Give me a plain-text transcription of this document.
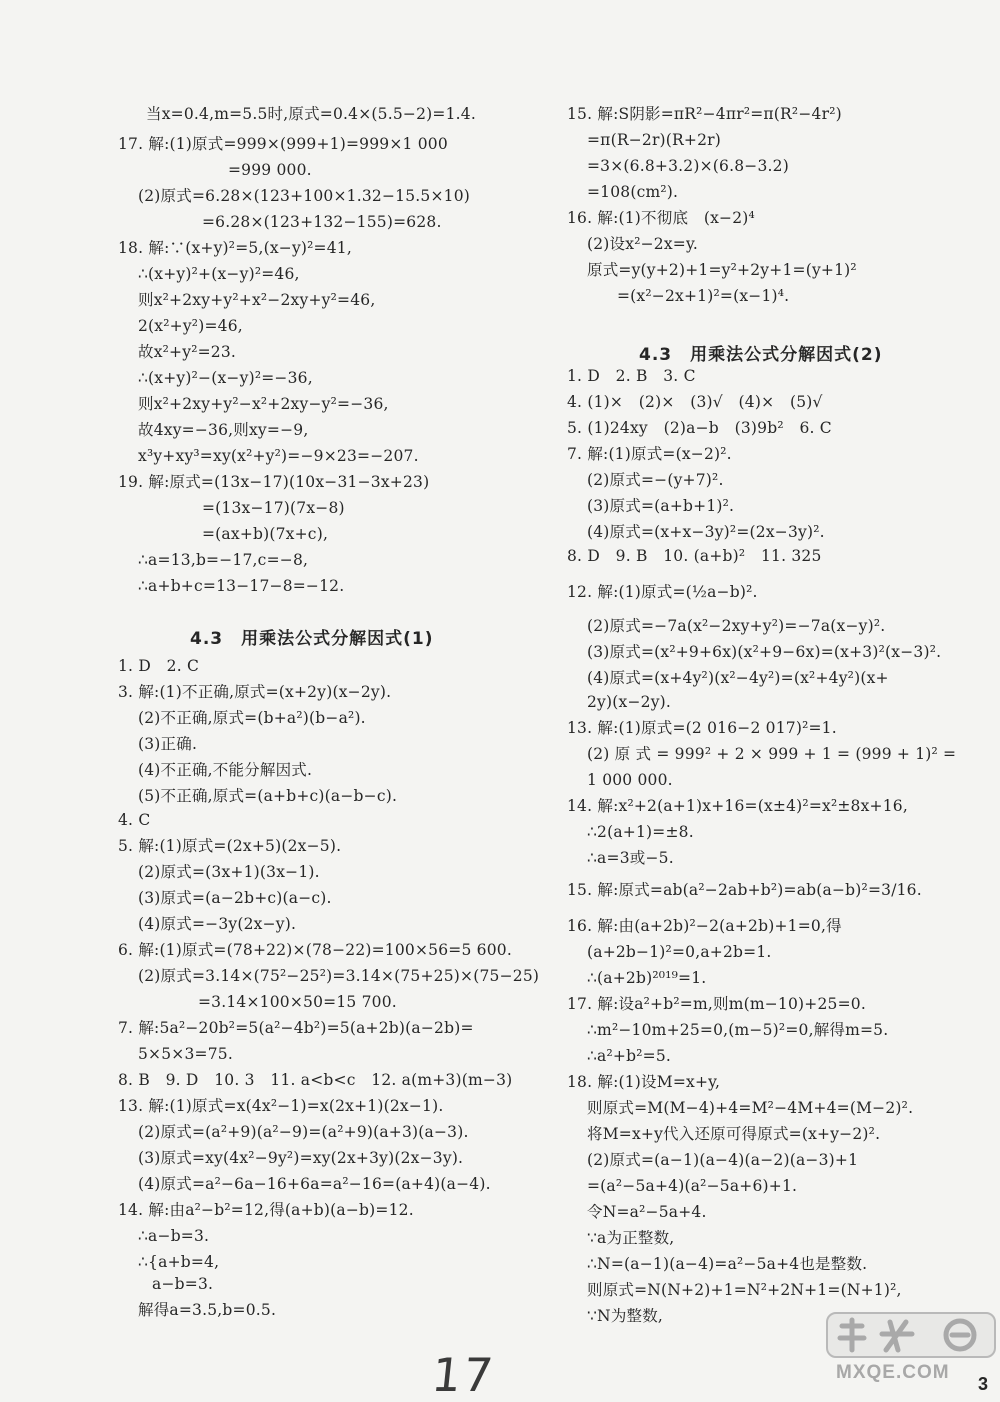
当x=0.4,m=5.5时,原式=0.4×(5.5−2)=1.4.
17. 解:(1)原式=999×(999+1)=999×1 000
=999 000.
(2)原式=6.28×(123+100×1.32−15.5×10)
=6.28×(123+132−155)=628.
18. 解:∵(x+y)²=5,(x−y)²=41,
∴(x+y)²+(x−y)²=46,
则x²+2xy+y²+x²−2xy+y²=46,
2(x²+y²)=46,
故x²+y²=23.
∴(x+y)²−(x−y)²=−36,
则x²+2xy+y²−x²+2xy−y²=−36,
故4xy=−36,则xy=−9,
x³y+xy³=xy(x²+y²)=−9×23=−207.
19. 解:原式=(13x−17)(10x−31−3x+23)
=(13x−17)(7x−8)
=(ax+b)(7x+c),
∴a=13,b=−17,c=−8,
∴a+b+c=13−17−8=−12.
4.3　用乘法公式分解因式(1)
1. D　2. C
3. 解:(1)不正确,原式=(x+2y)(x−2y).
(2)不正确,原式=(b+a²)(b−a²).
(3)正确.
(4)不正确,不能分解因式.
(5)不正确,原式=(a+b+c)(a−b−c).
4. C
5. 解:(1)原式=(2x+5)(2x−5).
(2)原式=(3x+1)(3x−1).
(3)原式=(a−2b+c)(a−c).
(4)原式=−3y(2x−y).
6. 解:(1)原式=(78+22)×(78−22)=100×56=5 600.
(2)原式=3.14×(75²−25²)=3.14×(75+25)×(75−25)
=3.14×100×50=15 700.
7. 解:5a²−20b²=5(a²−4b²)=5(a+2b)(a−2b)=
5×5×3=75.
8. B　9. D　10. 3　11. a<b<c　12. a(m+3)(m−3)
13. 解:(1)原式=x(4x²−1)=x(2x+1)(2x−1).
(2)原式=(a²+9)(a²−9)=(a²+9)(a+3)(a−3).
(3)原式=xy(4x²−9y²)=xy(2x+3y)(2x−3y).
(4)原式=a²−6a−16+6a=a²−16=(a+4)(a−4).
14. 解:由a²−b²=12,得(a+b)(a−b)=12.
∴a−b=3.
∴{a+b=4,
a−b=3.
解得a=3.5,b=0.5.
15. 解:S阴影=πR²−4πr²=π(R²−4r²)
=π(R−2r)(R+2r)
=3×(6.8+3.2)×(6.8−3.2)
=108(cm²).
16. 解:(1)不彻底　(x−2)⁴
(2)设x²−2x=y.
原式=y(y+2)+1=y²+2y+1=(y+1)²
=(x²−2x+1)²=(x−1)⁴.
4.3　用乘法公式分解因式(2)
1. D　2. B　3. C
4. (1)×　(2)×　(3)√　(4)×　(5)√
5. (1)24xy　(2)a−b　(3)9b²　6. C
7. 解:(1)原式=(x−2)².
(2)原式=−(y+7)².
(3)原式=(a+b+1)².
(4)原式=(x+x−3y)²=(2x−3y)².
8. D　9. B　10. (a+b)²　11. 325
12. 解:(1)原式=(½a−b)².
(2)原式=−7a(x²−2xy+y²)=−7a(x−y)².
(3)原式=(x²+9+6x)(x²+9−6x)=(x+3)²(x−3)².
(4)原式=(x+4y²)(x²−4y²)=(x²+4y²)(x+
2y)(x−2y).
13. 解:(1)原式=(2 016−2 017)²=1.
(2) 原 式 = 999² + 2 × 999 + 1 = (999 + 1)² =
1 000 000.
14. 解:x²+2(a+1)x+16=(x±4)²=x²±8x+16,
∴2(a+1)=±8.
∴a=3或−5.
15. 解:原式=ab(a²−2ab+b²)=ab(a−b)²=3/16.
16. 解:由(a+2b)²−2(a+2b)+1=0,得
(a+2b−1)²=0,a+2b=1.
∴(a+2b)²⁰¹⁹=1.
17. 解:设a²+b²=m,则m(m−10)+25=0.
∴m²−10m+25=0,(m−5)²=0,解得m=5.
∴a²+b²=5.
18. 解:(1)设M=x+y,
则原式=M(M−4)+4=M²−4M+4=(M−2)².
将M=x+y代入还原可得原式=(x+y−2)².
(2)原式=(a−1)(a−4)(a−2)(a−3)+1
=(a²−5a+4)(a²−5a+6)+1.
令N=a²−5a+4.
∵a为正整数,
∴N=(a−1)(a−4)=a²−5a+4也是整数.
则原式=N(N+2)+1=N²+2N+1=(N+1)²,
∵N为整数,
17	3
MXQE.COM
